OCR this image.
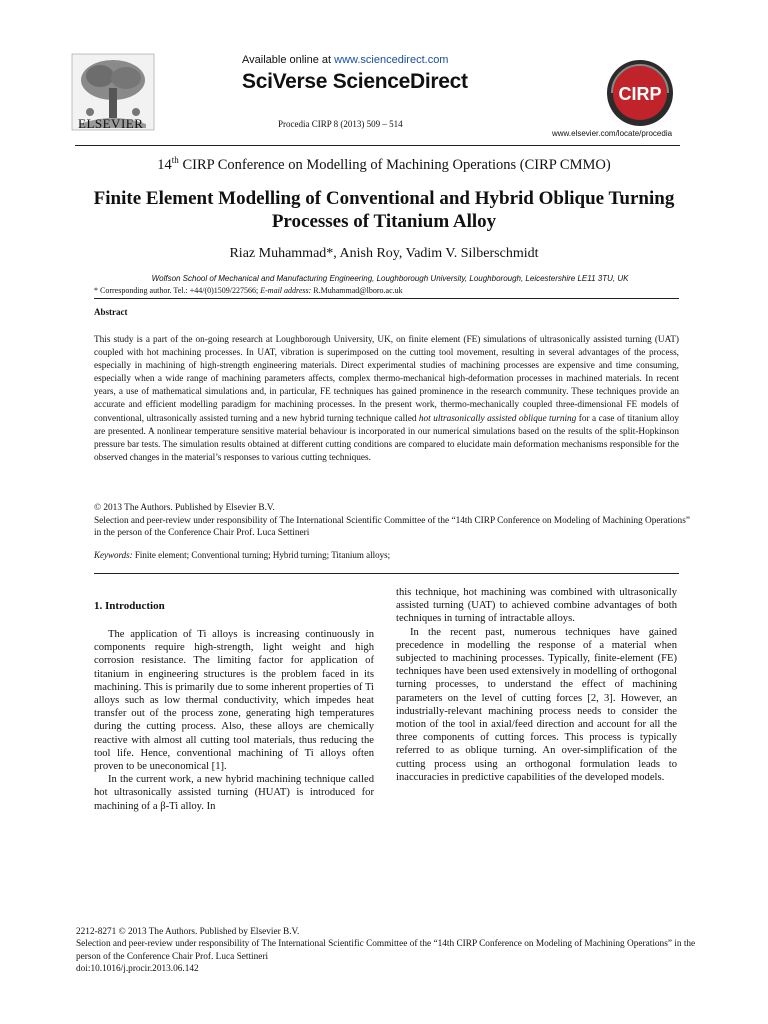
ELSEVIER
Available online at www.sciencedirect.com
SciVerse ScienceDirect
Procedia CIRP 8 (2013) 509 – 514
CIRP
www.elsevier.com/locate/procedia
14th CIRP Conference on Modelling of Machining Operations (CIRP CMMO)
Finite Element Modelling of Conventional and Hybrid Oblique Turning Processes of Titanium Alloy
Riaz Muhammad*, Anish Roy, Vadim V. Silberschmidt
Wolfson School of Mechanical and Manufacturing Engineering, Loughborough University, Loughborough, Leicestershire LE11 3TU, UK
* Corresponding author. Tel.: +44/(0)1509/227566; E-mail address: R.Muhammad@lboro.ac.uk
Abstract
This study is a part of the on-going research at Loughborough University, UK, on finite element (FE) simulations of ultrasonically assisted turning (UAT) coupled with hot machining processes. In UAT, vibration is superimposed on the cutting tool movement, resulting in several advantages of the process, especially in machining of high-strength engineering materials. Direct experimental studies of machining processes are expensive and time consuming, especially when a wide range of machining parameters affects, complex thermo-mechanical high-deformation processes in machined materials. In recent years, a use of mathematical simulations and, in particular, FE techniques has gained prominence in the research community. These techniques provide an accurate and efficient modelling paradigm for machining processes. In the present work, thermo-mechanically coupled three-dimensional FE models of conventional, ultrasonically assisted turning and a new hybrid turning technique called hot ultrasonically assisted oblique turning for a case of titanium alloy are presented. A nonlinear temperature sensitive material behaviour is incorporated in our numerical simulations based on the results of the split-Hopkinson pressure bar tests. The simulation results obtained at different cutting conditions are compared to elucidate main deformation mechanisms responsible for the observed changes in the material’s responses to various cutting techniques.
© 2013 The Authors. Published by Elsevier B.V.
Selection and peer-review under responsibility of The International Scientific Committee of the “14th CIRP Conference on Modeling of Machining Operations” in the person of the Conference Chair Prof. Luca Settineri
Keywords: Finite element; Conventional turning; Hybrid turning; Titanium alloys;
1. Introduction

The application of Ti alloys is increasing continuously in components require high-strength, light weight and high corrosion resistance. The limiting factor for application of titanium in engineering structures is the problem faced in its machining. This is primarily due to some inherent properties of Ti alloys such as low thermal conductivity, which impedes heat transfer out of the process zone, generating high temperatures during the cutting process. Also, these alloys are chemically reactive with almost all cutting tool materials, thus reducing the tool life. Hence, conventional machining of Ti alloys often proven to be uneconomical [1].

In the current work, a new hybrid machining technique called hot ultrasonically assisted turning (HUAT) is introduced for machining of a β-Ti alloy. In

this technique, hot machining was combined with ultrasonically assisted turning (UAT) to achieved combine advantages of both techniques in turning of intractable alloys.

In the recent past, numerous techniques have gained precedence in modelling the response of a material when subjected to machining processes. Typically, finite-element (FE) techniques have been used extensively in modelling of orthogonal turning processes, to understand the effect of machining parameters on the level of cutting forces [2, 3]. However, an industrially-relevant machining process needs to consider the motion of the tool in axial/feed direction and account for all the three components of cutting forces. This process is typically referred to as oblique turning. An over-simplification of the cutting process using an orthogonal formulation leads to inaccuracies in predictive capabilities of the developed models.

2212-8271 © 2013 The Authors. Published by Elsevier B.V.
Selection and peer-review under responsibility of The International Scientific Committee of the “14th CIRP Conference on Modeling of Machining Operations” in the person of the Conference Chair Prof. Luca Settineri
doi:10.1016/j.procir.2013.06.142
